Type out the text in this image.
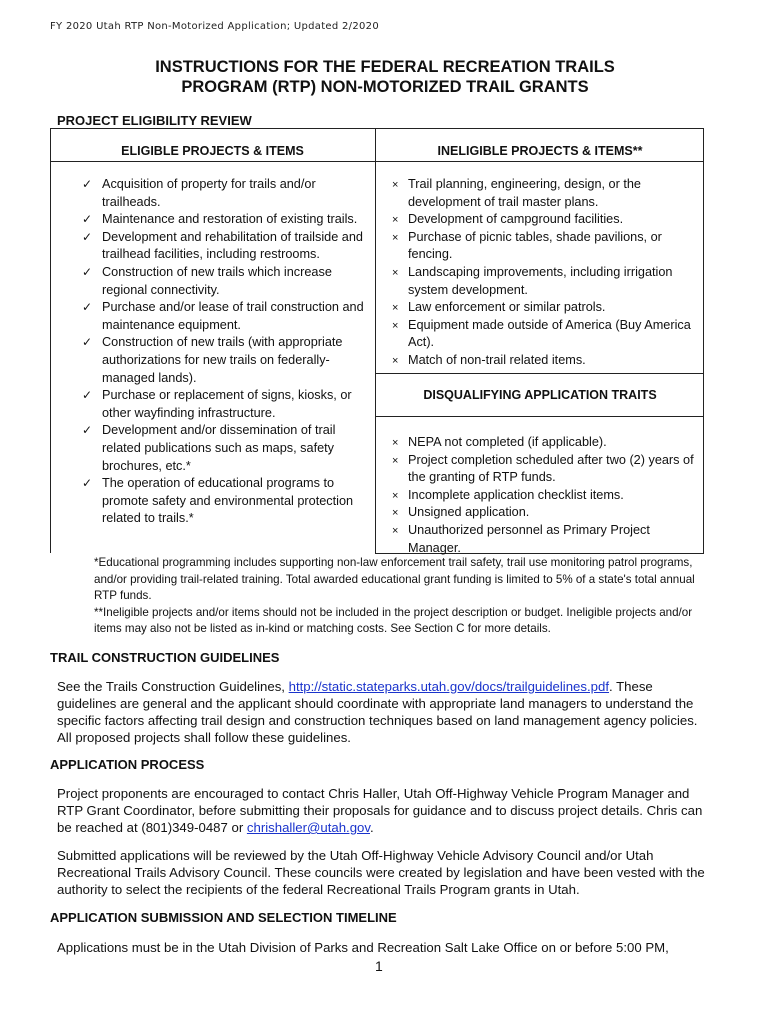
FY 2020 Utah RTP Non-Motorized Application; Updated 2/2020
INSTRUCTIONS FOR THE FEDERAL RECREATION TRAILS
PROGRAM (RTP) NON-MOTORIZED TRAIL GRANTS
PROJECT ELIGIBILITY REVIEW
ELIGIBLE PROJECTS & ITEMS	INELIGIBLE PROJECTS & ITEMS**
✓ Acquisition of property for trails and/or trailheads.
✓ Maintenance and restoration of existing trails.
✓ Development and rehabilitation of trailside and trailhead facilities, including restrooms.
✓ Construction of new trails which increase regional connectivity.
✓ Purchase and/or lease of trail construction and maintenance equipment.
✓ Construction of new trails (with appropriate authorizations for new trails on federally-managed lands).
✓ Purchase or replacement of signs, kiosks, or other wayfinding infrastructure.
✓ Development and/or dissemination of trail related publications such as maps, safety brochures, etc.*
✓ The operation of educational programs to promote safety and environmental protection related to trails.*
× Trail planning, engineering, design, or the development of trail master plans.
× Development of campground facilities.
× Purchase of picnic tables, shade pavilions, or fencing.
× Landscaping improvements, including irrigation system development.
× Law enforcement or similar patrols.
× Equipment made outside of America (Buy America Act).
× Match of non-trail related items.
DISQUALIFYING APPLICATION TRAITS
× NEPA not completed (if applicable).
× Project completion scheduled after two (2) years of the granting of RTP funds.
× Incomplete application checklist items.
× Unsigned application.
× Unauthorized personnel as Primary Project Manager.

*Educational programming includes supporting non-law enforcement trail safety, trail use monitoring patrol programs, and/or providing trail-related training. Total awarded educational grant funding is limited to 5% of a state's total annual RTP funds.

**Ineligible projects and/or items should not be included in the project description or budget. Ineligible projects and/or items may also not be listed as in-kind or matching costs. See Section C for more details.

TRAIL CONSTRUCTION GUIDELINES

See the Trails Construction Guidelines, http://static.stateparks.utah.gov/docs/trailguidelines.pdf. These guidelines are general and the applicant should coordinate with appropriate land managers to understand the specific factors affecting trail design and construction techniques based on land management agency policies. All proposed projects shall follow these guidelines.

APPLICATION PROCESS

Project proponents are encouraged to contact Chris Haller, Utah Off-Highway Vehicle Program Manager and RTP Grant Coordinator, before submitting their proposals for guidance and to discuss project details. Chris can be reached at (801)349-0487 or chrishaller@utah.gov.

Submitted applications will be reviewed by the Utah Off-Highway Vehicle Advisory Council and/or Utah Recreational Trails Advisory Council. These councils were created by legislation and have been vested with the authority to select the recipients of the federal Recreational Trails Program grants in Utah.

APPLICATION SUBMISSION AND SELECTION TIMELINE

Applications must be in the Utah Division of Parks and Recreation Salt Lake Office on or before 5:00 PM,

1
